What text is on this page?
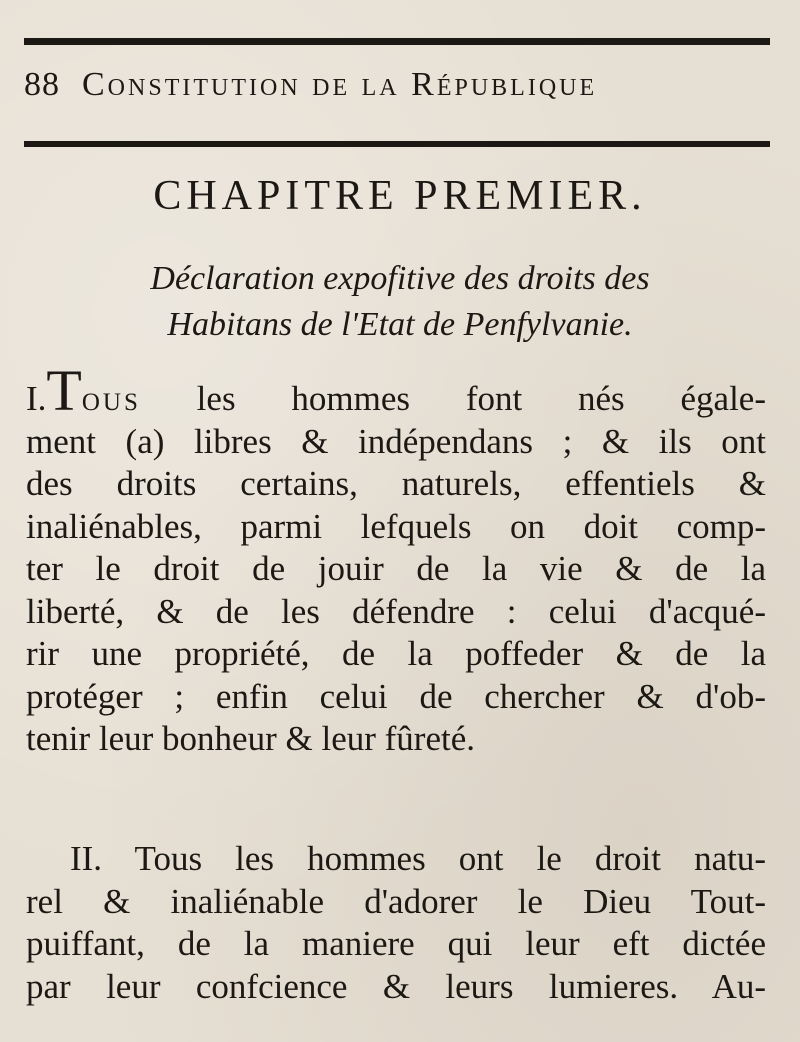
88 Constitution de la République
CHAPITRE PREMIER.
Déclaration expofitive des droits des
Habitans de l'Etat de Penfylvanie.
I.Tous les hommes font nés égale-
ment (a) libres & indépendans ; & ils ont
des droits certains, naturels, effentiels &
inaliénables, parmi lefquels on doit comp-
ter le droit de jouir de la vie & de la
liberté, & de les défendre : celui d'acqué-
rir une propriété, de la poffeder & de la
protéger ; enfin celui de chercher & d'ob-
tenir leur bonheur & leur fûreté.
II. Tous les hommes ont le droit natu-
rel & inaliénable d'adorer le Dieu Tout-
puiffant, de la maniere qui leur eft dictée
par leur confcience & leurs lumieres. Au-
